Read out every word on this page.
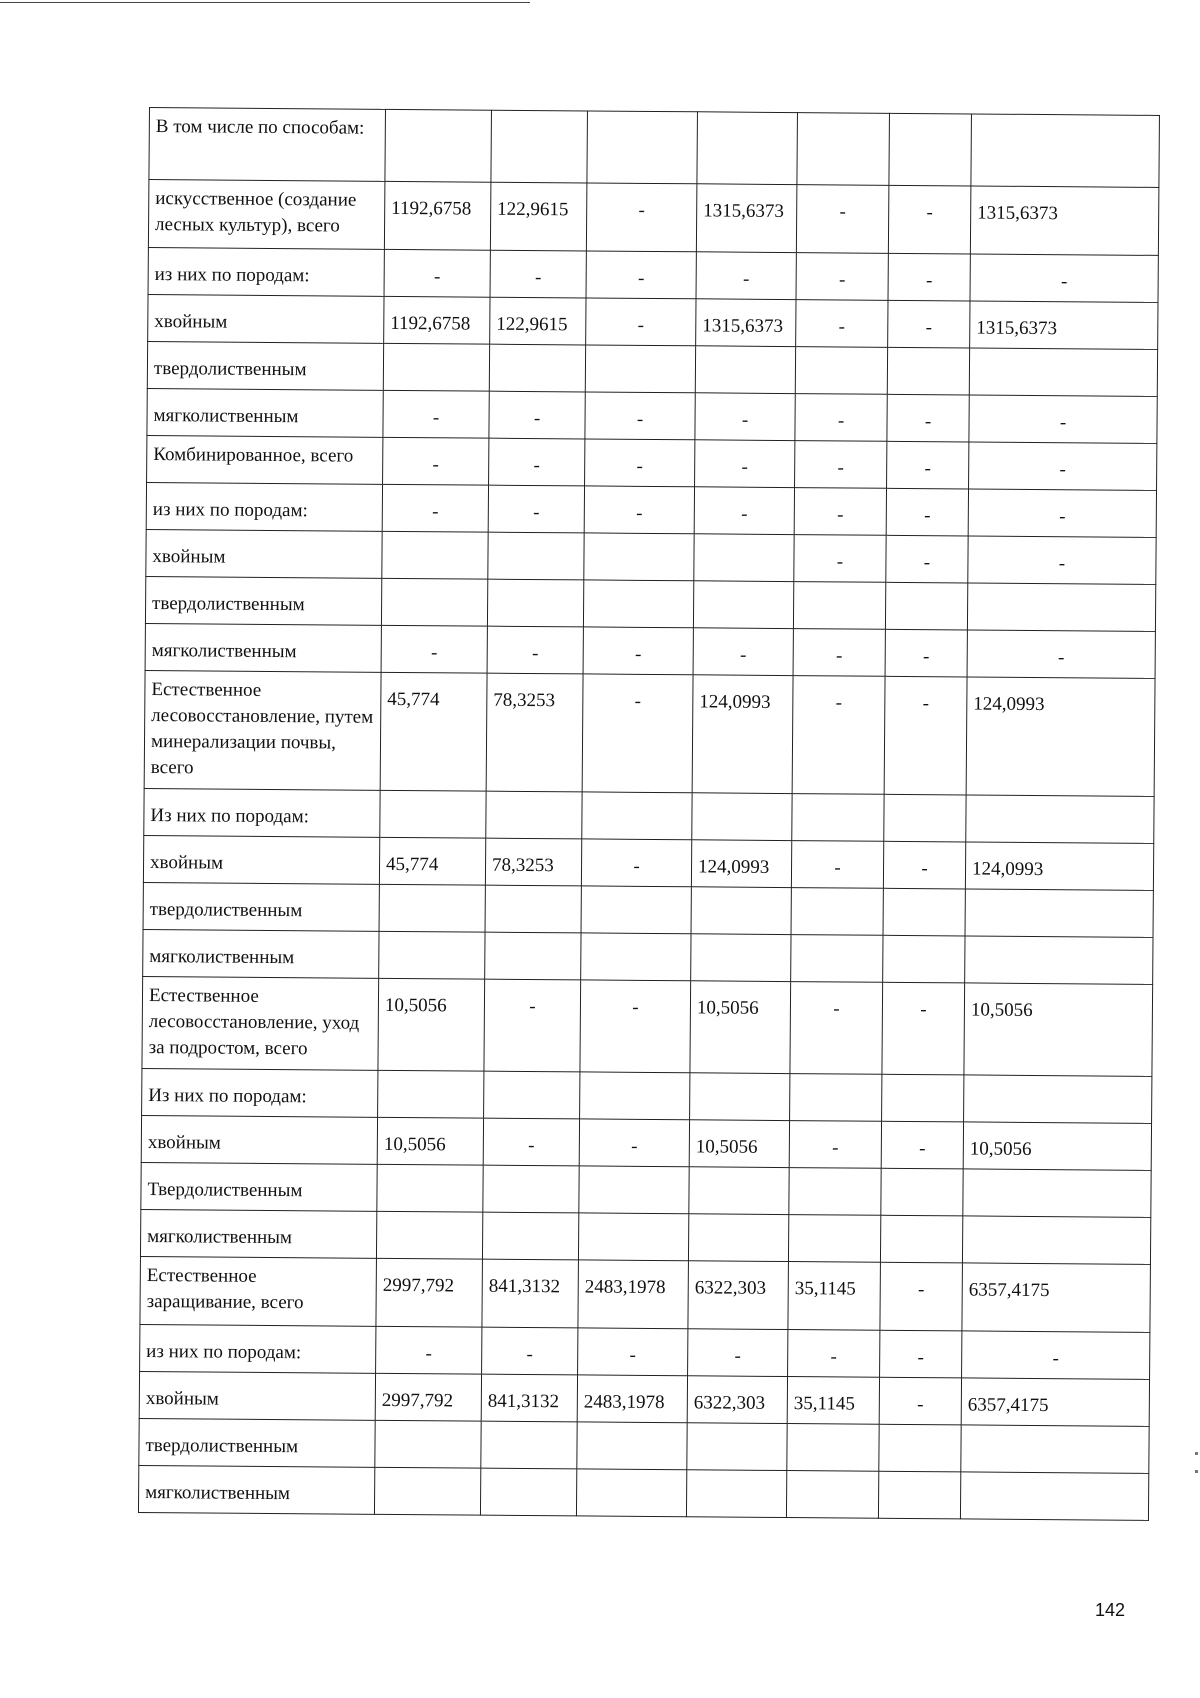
В том числе по способам:							
искусственное (создание лесных культур), всего	1192,6758	122,9615	-	1315,6373	-	-	1315,6373
из них по породам:	-	-	-	-	-	-	-
хвойным	1192,6758	122,9615	-	1315,6373	-	-	1315,6373
твердолиственным							
мягколиственным	-	-	-	-	-	-	-
Комбинированное, всего	-	-	-	-	-	-	-
из них по породам:	-	-	-	-	-	-	-
хвойным					-	-	-
твердолиственным							
мягколиственным	-	-	-	-	-	-	-
Естественное лесовосстановление, путем минерализации почвы, всего	45,774	78,3253	-	124,0993	-	-	124,0993
Из них по породам:							
хвойным	45,774	78,3253	-	124,0993	-	-	124,0993
твердолиственным							
мягколиственным							
Естественное лесовосстановление, уход за подростом, всего	10,5056	-	-	10,5056	-	-	10,5056
Из них по породам:							
хвойным	10,5056	-	-	10,5056	-	-	10,5056
Твердолиственным							
мягколиственным							
Естественное заращивание, всего	2997,792	841,3132	2483,1978	6322,303	35,1145	-	6357,4175
из них по породам:	-	-	-	-	-	-	-
хвойным	2997,792	841,3132	2483,1978	6322,303	35,1145	-	6357,4175
твердолиственным							
мягколиственным							
142
